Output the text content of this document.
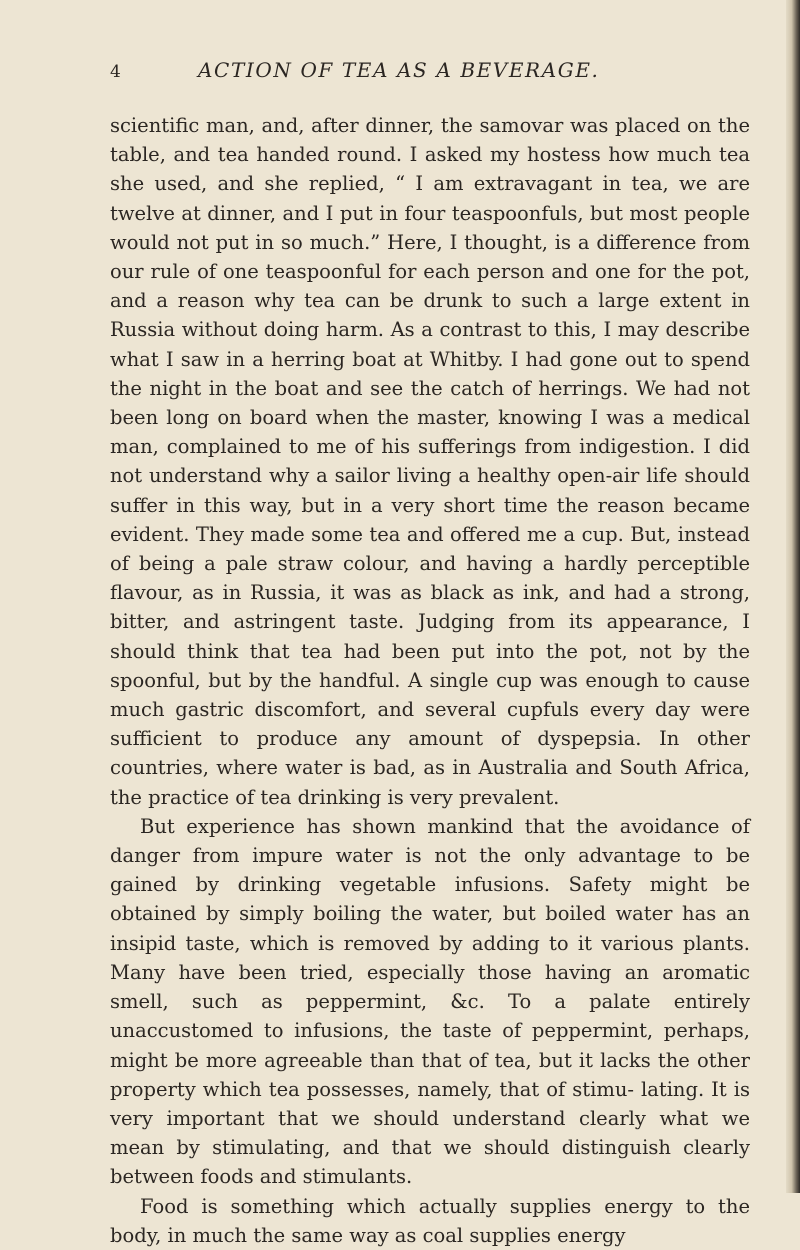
4	ACTION OF TEA AS A BEVERAGE.

scientific man, and, after dinner, the samovar was placed on the table, and tea handed round. I asked my hostess how much tea she used, and she replied, “ I am extravagant in tea, we are twelve at dinner, and I put in four teaspoonfuls, but most people would not put in so much.” Here, I thought, is a difference from our rule of one teaspoonful for each person and one for the pot, and a reason why tea can be drunk to such a large extent in Russia without doing harm. As a contrast to this, I may describe what I saw in a herring boat at Whitby. I had gone out to spend the night in the boat and see the catch of herrings. We had not been long on board when the master, knowing I was a medical man, complained to me of his sufferings from indigestion. I did not understand why a sailor living a healthy open-air life should suffer in this way, but in a very short time the reason became evident. They made some tea and offered me a cup. But, instead of being a pale straw colour, and having a hardly perceptible flavour, as in Russia, it was as black as ink, and had a strong, bitter, and astringent taste. Judging from its appearance, I should think that tea had been put into the pot, not by the spoonful, but by the handful. A single cup was enough to cause much gastric discomfort, and several cupfuls every day were sufficient to produce any amount of dyspepsia. In other countries, where water is bad, as in Australia and South Africa, the practice of tea drinking is very prevalent.

But experience has shown mankind that the avoidance of danger from impure water is not the only advantage to be gained by drinking vegetable infusions. Safety might be obtained by simply boiling the water, but boiled water has an insipid taste, which is removed by adding to it various plants. Many have been tried, especially those having an aromatic smell, such as peppermint, &c. To a palate entirely unaccustomed to infusions, the taste of peppermint, perhaps, might be more agreeable than that of tea, but it lacks the other property which tea possesses, namely, that of stimu- lating. It is very important that we should understand clearly what we mean by stimulating, and that we should distinguish clearly between foods and stimulants.

Food is something which actually supplies energy to the body, in much the same way as coal supplies energy
